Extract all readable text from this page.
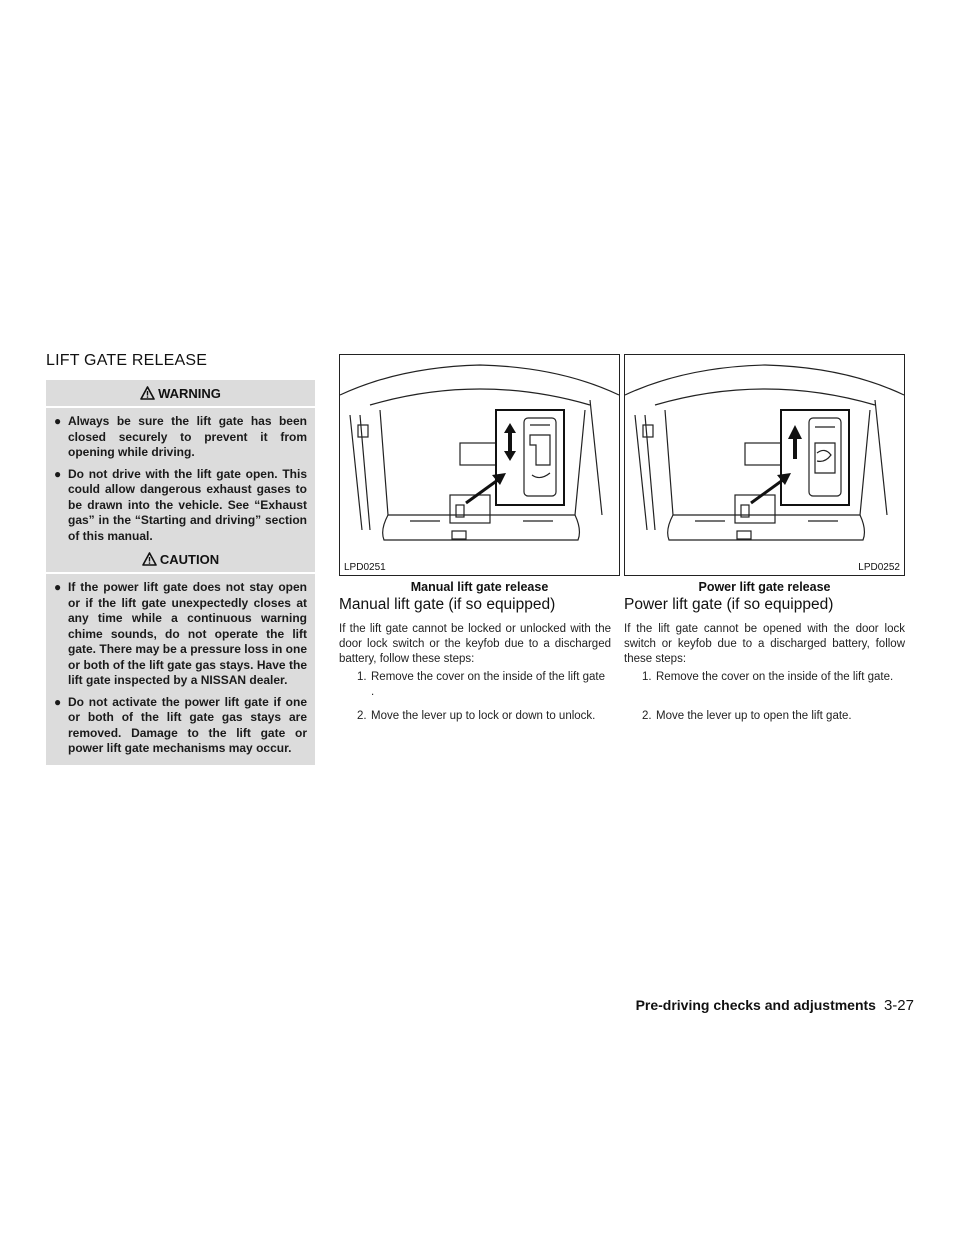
LIFT GATE RELEASE
WARNING
● Always be sure the lift gate has been closed securely to prevent it from opening while driving.
● Do not drive with the lift gate open. This could allow dangerous exhaust gases to be drawn into the vehicle. See “Exhaust gas” in the “Starting and driving” section of this manual.
CAUTION
● If the power lift gate does not stay open or if the lift gate unexpectedly closes at any time while a continuous warning chime sounds, do not operate the lift gate. There may be a pressure loss in one or both of the lift gate gas stays. Have the lift gate inspected by a NISSAN dealer.
● Do not activate the power lift gate if one or both of the lift gate gas stays are removed. Damage to the lift gate or power lift gate mechanisms may occur.
LPD0251
Manual lift gate release
LPD0252
Power lift gate release
Manual lift gate (if so equipped)
If the lift gate cannot be locked or unlocked with the door lock switch or the keyfob due to a discharged battery, follow these steps:
1. Remove the cover on the inside of the lift gate .
2. Move the lever up to lock or down to unlock.
Power lift gate (if so equipped)
If the lift gate cannot be opened with the door lock switch or keyfob due to a discharged battery, follow these steps:
1. Remove the cover on the inside of the lift gate.
2. Move the lever up to open the lift gate.
Pre-driving checks and adjustments 3-27
